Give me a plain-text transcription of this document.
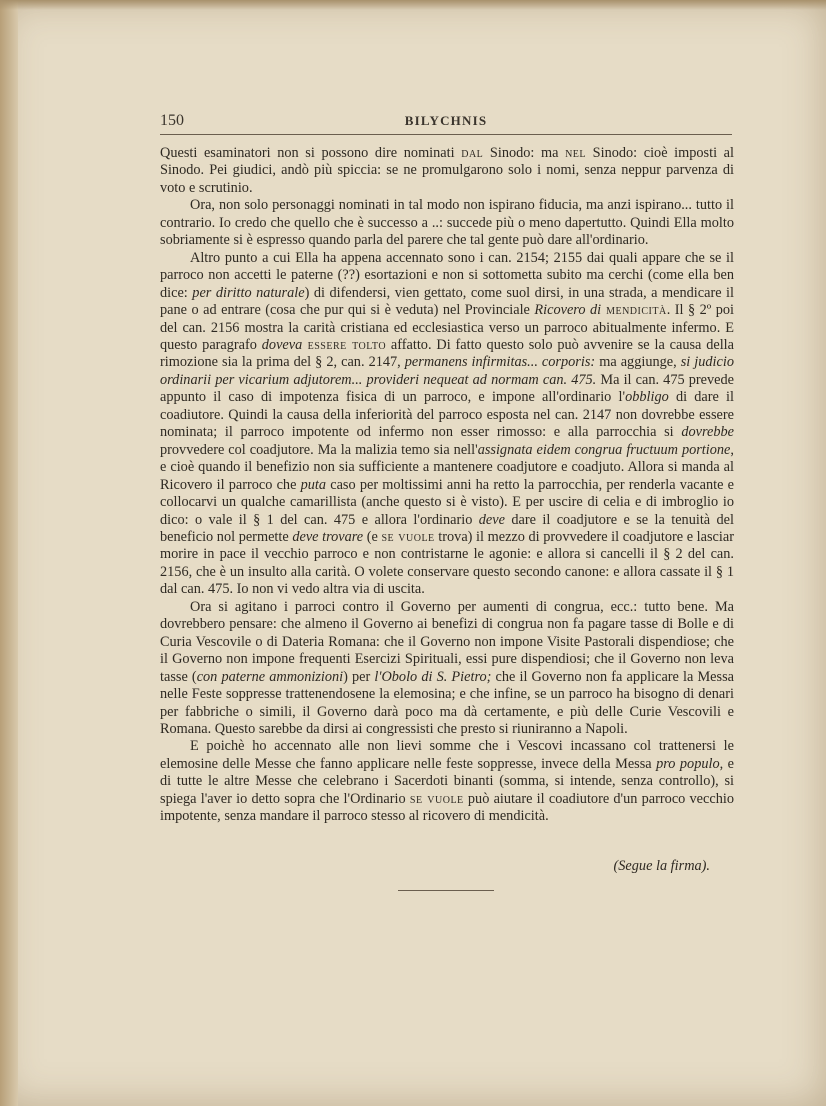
150	BILYCHNIS

Questi esaminatori non si possono dire nominati dal Sinodo: ma nel Sinodo: cioè imposti al Sinodo. Pei giudici, andò più spiccia: se ne promulgarono solo i nomi, senza neppur parvenza di voto e scrutinio.

Ora, non solo personaggi nominati in tal modo non ispirano fiducia, ma anzi ispirano... tutto il contrario. Io credo che quello che è successo a ..: succede più o meno dapertutto. Quindi Ella molto sobriamente si è espresso quando parla del parere che tal gente può dare all'ordinario.

Altro punto a cui Ella ha appena accennato sono i can. 2154; 2155 dai quali appare che se il parroco non accetti le paterne (??) esortazioni e non si sottometta subito ma cerchi (come ella ben dice: per diritto naturale) di difendersi, vien gettato, come suol dirsi, in una strada, a mendicare il pane o ad entrare (cosa che pur qui si è veduta) nel Provinciale Ricovero di mendicità. Il § 2º poi del can. 2156 mostra la carità cristiana ed ecclesiastica verso un parroco abitualmente infermo. E questo paragrafo doveva essere tolto affatto. Di fatto questo solo può avvenire se la causa della rimozione sia la prima del § 2, can. 2147, permanens infirmitas... corporis: ma aggiunge, si judicio ordinarii per vicarium adjutorem... provideri nequeat ad normam can. 475. Ma il can. 475 prevede appunto il caso di impotenza fisica di un parroco, e impone all'ordinario l'obbligo di dare il coadiutore. Quindi la causa della inferiorità del parroco esposta nel can. 2147 non dovrebbe essere nominata; il parroco impotente od infermo non esser rimosso: e alla parrocchia si dovrebbe provvedere col coadjutore. Ma la malizia temo sia nell'assignata eidem congrua fructuum portione, e cioè quando il benefizio non sia sufficiente a mantenere coadjutore e coadjuto. Allora si manda al Ricovero il parroco che puta caso per moltissimi anni ha retto la parrocchia, per renderla vacante e collocarvi un qualche camarillista (anche questo si è visto). E per uscire di celia e di imbroglio io dico: o vale il § 1 del can. 475 e allora l'ordinario deve dare il coadjutore e se la tenuità del beneficio nol permette deve trovare (e se vuole trova) il mezzo di provvedere il coadjutore e lasciar morire in pace il vecchio parroco e non contristarne le agonie: e allora si cancelli il § 2 del can. 2156, che è un insulto alla carità. O volete conservare questo secondo canone: e allora cassate il § 1 dal can. 475. Io non vi vedo altra via di uscita.

Ora si agitano i parroci contro il Governo per aumenti di congrua, ecc.: tutto bene. Ma dovrebbero pensare: che almeno il Governo ai benefizi di congrua non fa pagare tasse di Bolle e di Curia Vescovile o di Dateria Romana: che il Governo non impone Visite Pastorali dispendiose; che il Governo non impone frequenti Esercizi Spirituali, essi pure dispendiosi; che il Governo non leva tasse (con paterne ammonizioni) per l'Obolo di S. Pietro; che il Governo non fa applicare la Messa nelle Feste soppresse trattenendosene la elemosina; e che infine, se un parroco ha bisogno di denari per fabbriche o simili, il Governo darà poco ma dà certamente, e più delle Curie Vescovili e Romana. Questo sarebbe da dirsi ai congressisti che presto si riuniranno a Napoli.

E poichè ho accennato alle non lievi somme che i Vescovi incassano col trattenersi le elemosine delle Messe che fanno applicare nelle feste soppresse, invece della Messa pro populo, e di tutte le altre Messe che celebrano i Sacerdoti binanti (somma, si intende, senza controllo), si spiega l'aver io detto sopra che l'Ordinario se vuole può aiutare il coadiutore d'un parroco vecchio impotente, senza mandare il parroco stesso al ricovero di mendicità.

(Segue la firma).
